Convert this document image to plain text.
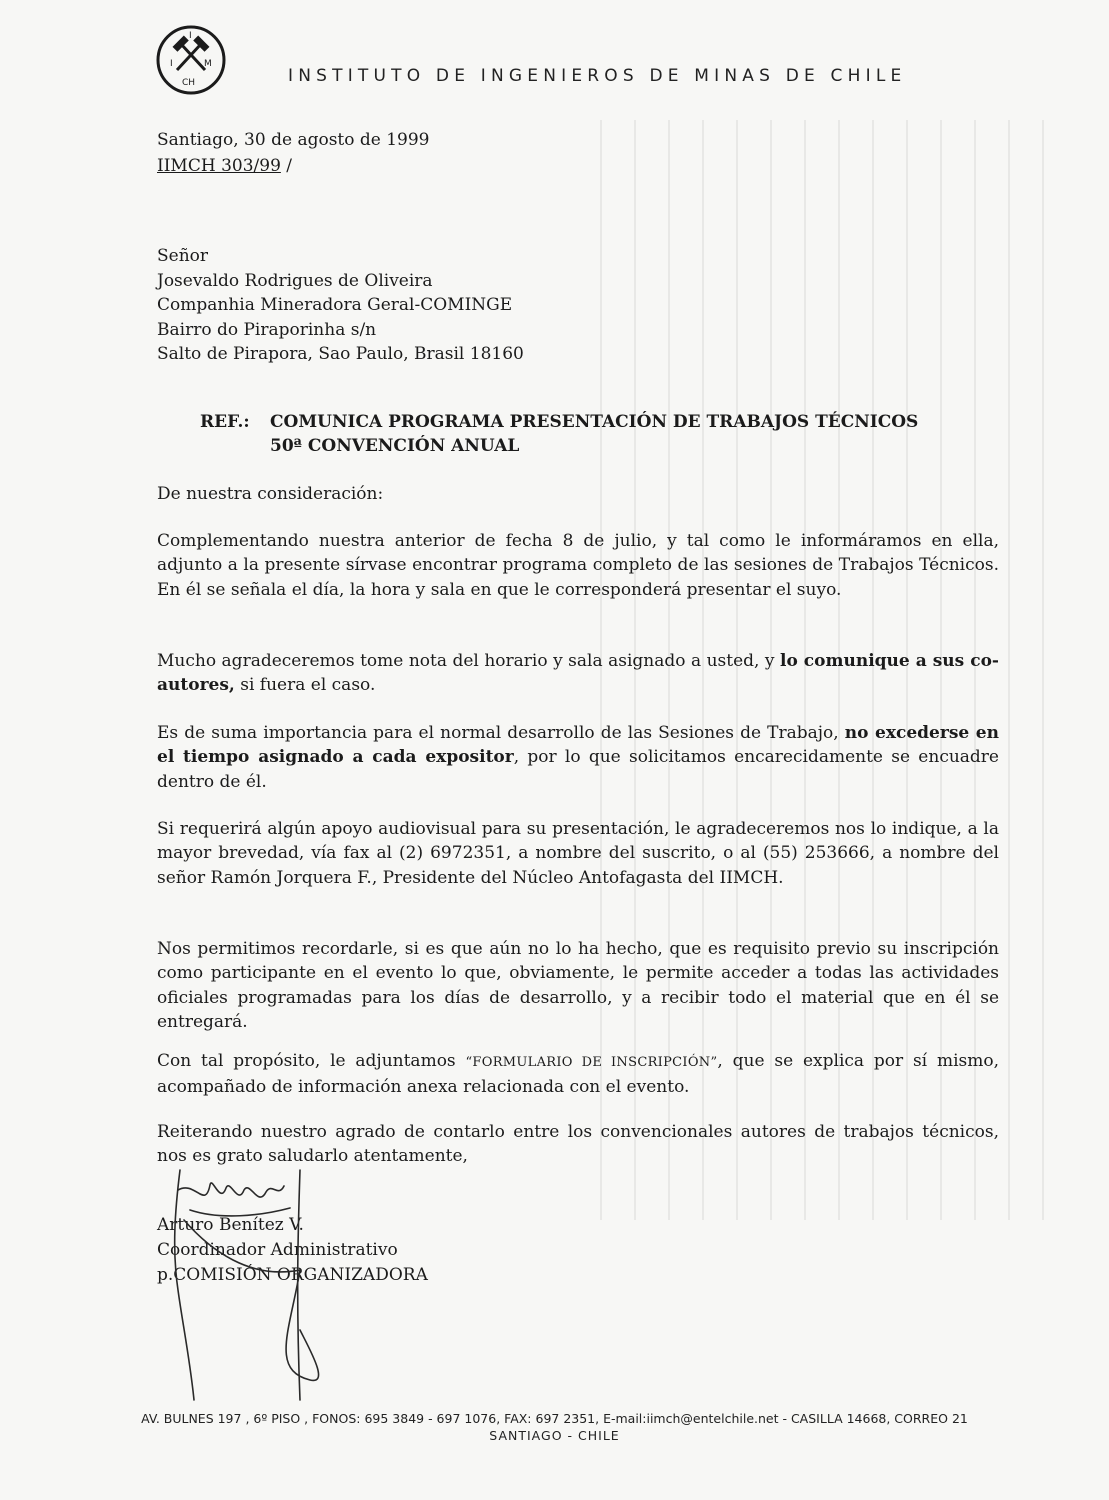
I
I	M
CH	INSTITUTO DE INGENIEROS DE MINAS DE CHILE
Santiago, 30 de agosto de 1999
IIMCH 303/99 /
Señor
Josevaldo Rodrigues de Oliveira
Companhia Mineradora Geral-COMINGE
Bairro do Piraporinha s/n
Salto de Pirapora, Sao Paulo, Brasil 18160
REF.: COMUNICA PROGRAMA PRESENTACIÓN DE TRABAJOS TÉCNICOS
50ª CONVENCIÓN ANUAL
De nuestra consideración:
Complementando nuestra anterior de fecha 8 de julio, y tal como le informáramos en ella, adjunto a la presente sírvase encontrar programa completo de las sesiones de Trabajos Técnicos. En él se señala el día, la hora y sala en que le corresponderá presentar el suyo.
Mucho agradeceremos tome nota del horario y sala asignado a usted, y lo comunique a sus co-autores, si fuera el caso.
Es de suma importancia para el normal desarrollo de las Sesiones de Trabajo, no excederse en el tiempo asignado a cada expositor, por lo que solicitamos encarecidamente se encuadre dentro de él.
Si requerirá algún apoyo audiovisual para su presentación, le agradeceremos nos lo indique, a la mayor brevedad, vía fax al (2) 6972351, a nombre del suscrito, o al (55) 253666, a nombre del señor Ramón Jorquera F., Presidente del Núcleo Antofagasta del IIMCH.
Nos permitimos recordarle, si es que aún no lo ha hecho, que es requisito previo su inscripción como participante en el evento lo que, obviamente, le permite acceder a todas las actividades oficiales programadas para los días de desarrollo, y a recibir todo el material que en él se entregará.
Con tal propósito, le adjuntamos “FORMULARIO DE INSCRIPCIÓN”, que se explica por sí mismo, acompañado de información anexa relacionada con el evento.
Reiterando nuestro agrado de contarlo entre los convencionales autores de trabajos técnicos, nos es grato saludarlo atentamente,
Arturo Benítez V.
Coordinador Administrativo
p.COMISIÓN ORGANIZADORA
AV. BULNES 197 , 6º PISO , FONOS: 695 3849 - 697 1076, FAX: 697 2351, E-mail:iimch@entelchile.net - CASILLA 14668, CORREO 21
SANTIAGO - CHILE
